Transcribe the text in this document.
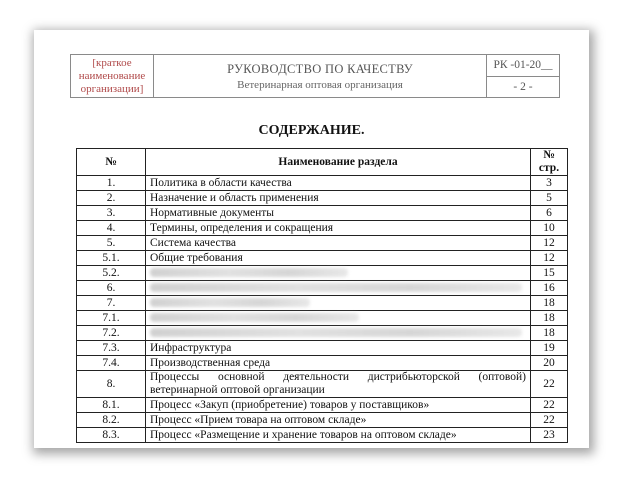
[краткое наименование организации]	
РУКОВОДСТВО ПО КАЧЕСТВУ
Ветеринарная оптовая организация
	РК -01-20__
- 2 -
СОДЕРЖАНИЕ.
№	Наименование раздела	№ стр.
1.	Политика в области качества	3
2.	Назначение и область применения	5
3.	Нормативные документы	6
4.	Термины, определения и сокращения	10
5.	Система качества	12
5.1.	Общие требования	12
5.2.		15
6.		16
7.		18
7.1.		18
7.2.		18
7.3.	Инфраструктура	19
7.4.	Производственная среда	20
8.	Процессы основной деятельности дистрибьюторской (оптовой) ветеринарной оптовой организации	22
8.1.	Процесс «Закуп (приобретение) товаров у поставщиков»	22
8.2.	Процесс «Прием товара на оптовом складе»	22
8.3.	Процесс «Размещение и хранение товаров на оптовом складе»	23
